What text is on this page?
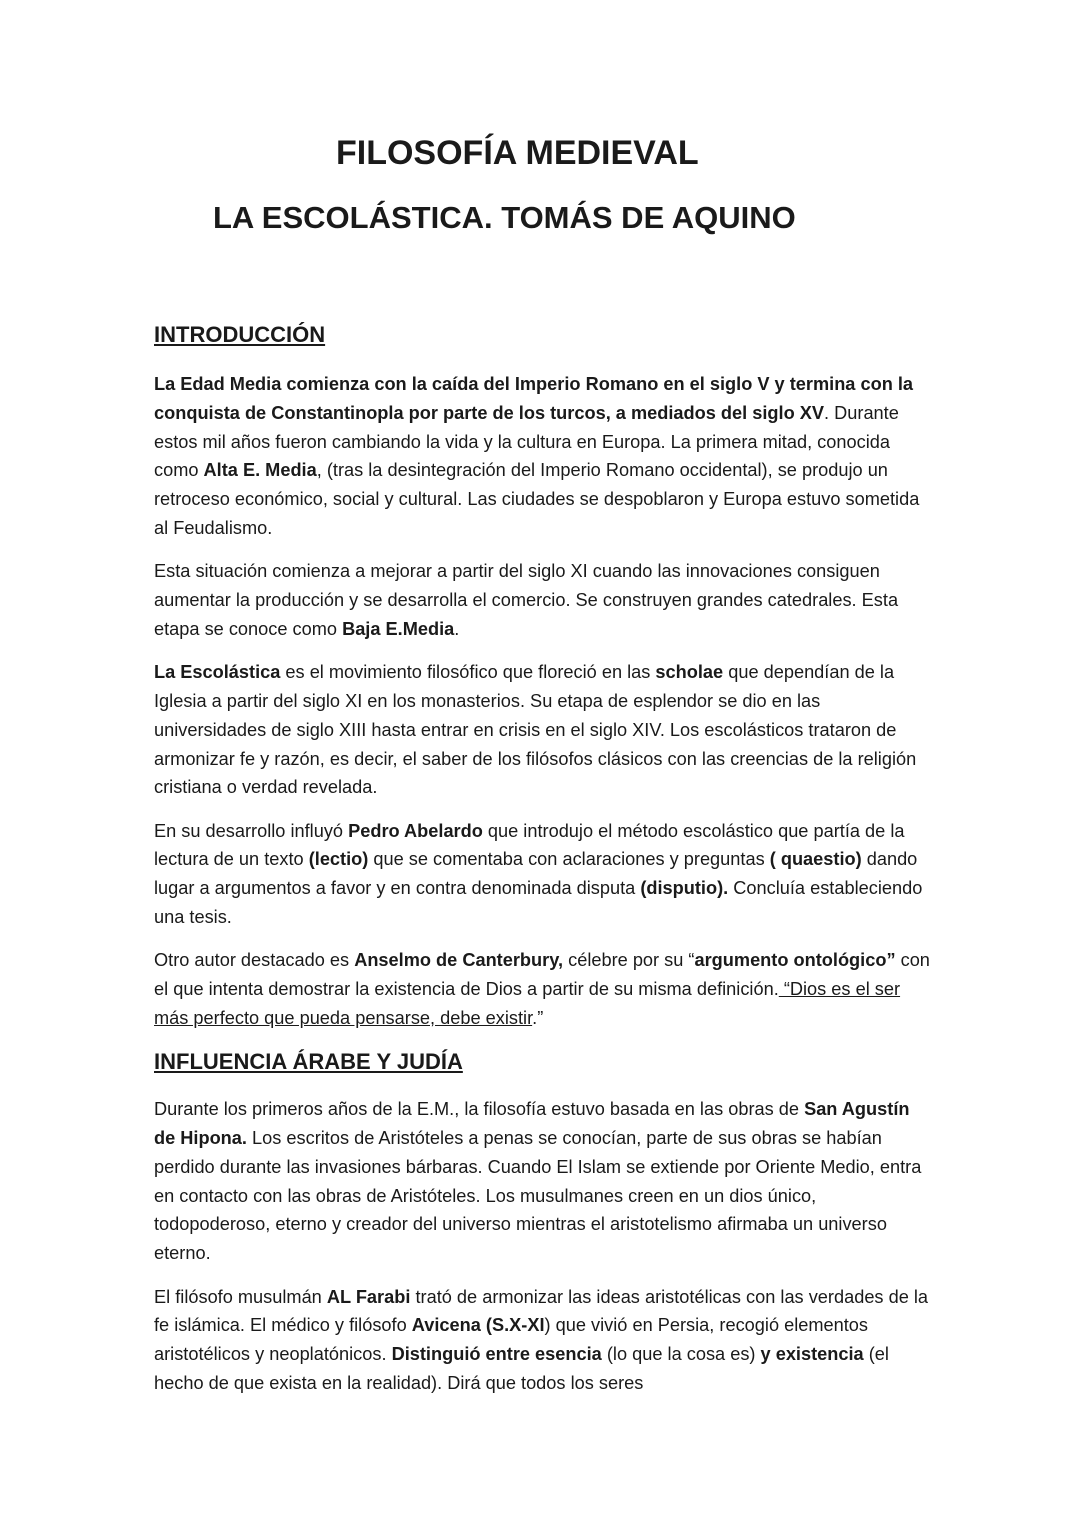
FILOSOFÍA MEDIEVAL
LA ESCOLÁSTICA. TOMÁS DE AQUINO
INTRODUCCIÓN

La Edad Media comienza con la caída del Imperio Romano en el siglo V y termina con la conquista de Constantinopla por parte de los turcos, a mediados del siglo XV. Durante estos mil años fueron cambiando la vida y la cultura en Europa. La primera mitad, conocida como Alta E. Media, (tras la desintegración del Imperio Romano occidental), se produjo un retroceso económico, social y cultural. Las ciudades se despoblaron y Europa estuvo sometida al Feudalismo.

Esta situación comienza a mejorar a partir del siglo XI cuando las innovaciones consiguen aumentar la producción y se desarrolla el comercio. Se construyen grandes catedrales. Esta etapa se conoce como Baja E.Media.

La Escolástica es el movimiento filosófico que floreció en las scholae que dependían de la Iglesia a partir del siglo XI en los monasterios. Su etapa de esplendor se dio en las universidades de siglo XIII hasta entrar en crisis en el siglo XIV. Los escolásticos trataron de armonizar fe y razón, es decir, el saber de los filósofos clásicos con las creencias de la religión cristiana o verdad revelada.

En su desarrollo influyó Pedro Abelardo que introdujo el método escolástico que partía de la lectura de un texto (lectio) que se comentaba con aclaraciones y preguntas ( quaestio) dando lugar a argumentos a favor y en contra denominada disputa (disputio). Concluía estableciendo una tesis.

Otro autor destacado es Anselmo de Canterbury, célebre por su “argumento ontológico” con el que intenta demostrar la existencia de Dios a partir de su misma definición. “Dios es el ser más perfecto que pueda pensarse, debe existir.”

INFLUENCIA ÁRABE Y JUDÍA

Durante los primeros años de la E.M., la filosofía estuvo basada en las obras de San Agustín de Hipona. Los escritos de Aristóteles a penas se conocían, parte de sus obras se habían perdido durante las invasiones bárbaras. Cuando El Islam se extiende por Oriente Medio, entra en contacto con las obras de Aristóteles. Los musulmanes creen en un dios único, todopoderoso, eterno y creador del universo mientras el aristotelismo afirmaba un universo eterno.

El filósofo musulmán AL Farabi trató de armonizar las ideas aristotélicas con las verdades de la fe islámica. El médico y filósofo Avicena (S.X-XI) que vivió en Persia, recogió elementos aristotélicos y neoplatónicos. Distinguió entre esencia (lo que la cosa es) y existencia (el hecho de que exista en la realidad). Dirá que todos los seres
